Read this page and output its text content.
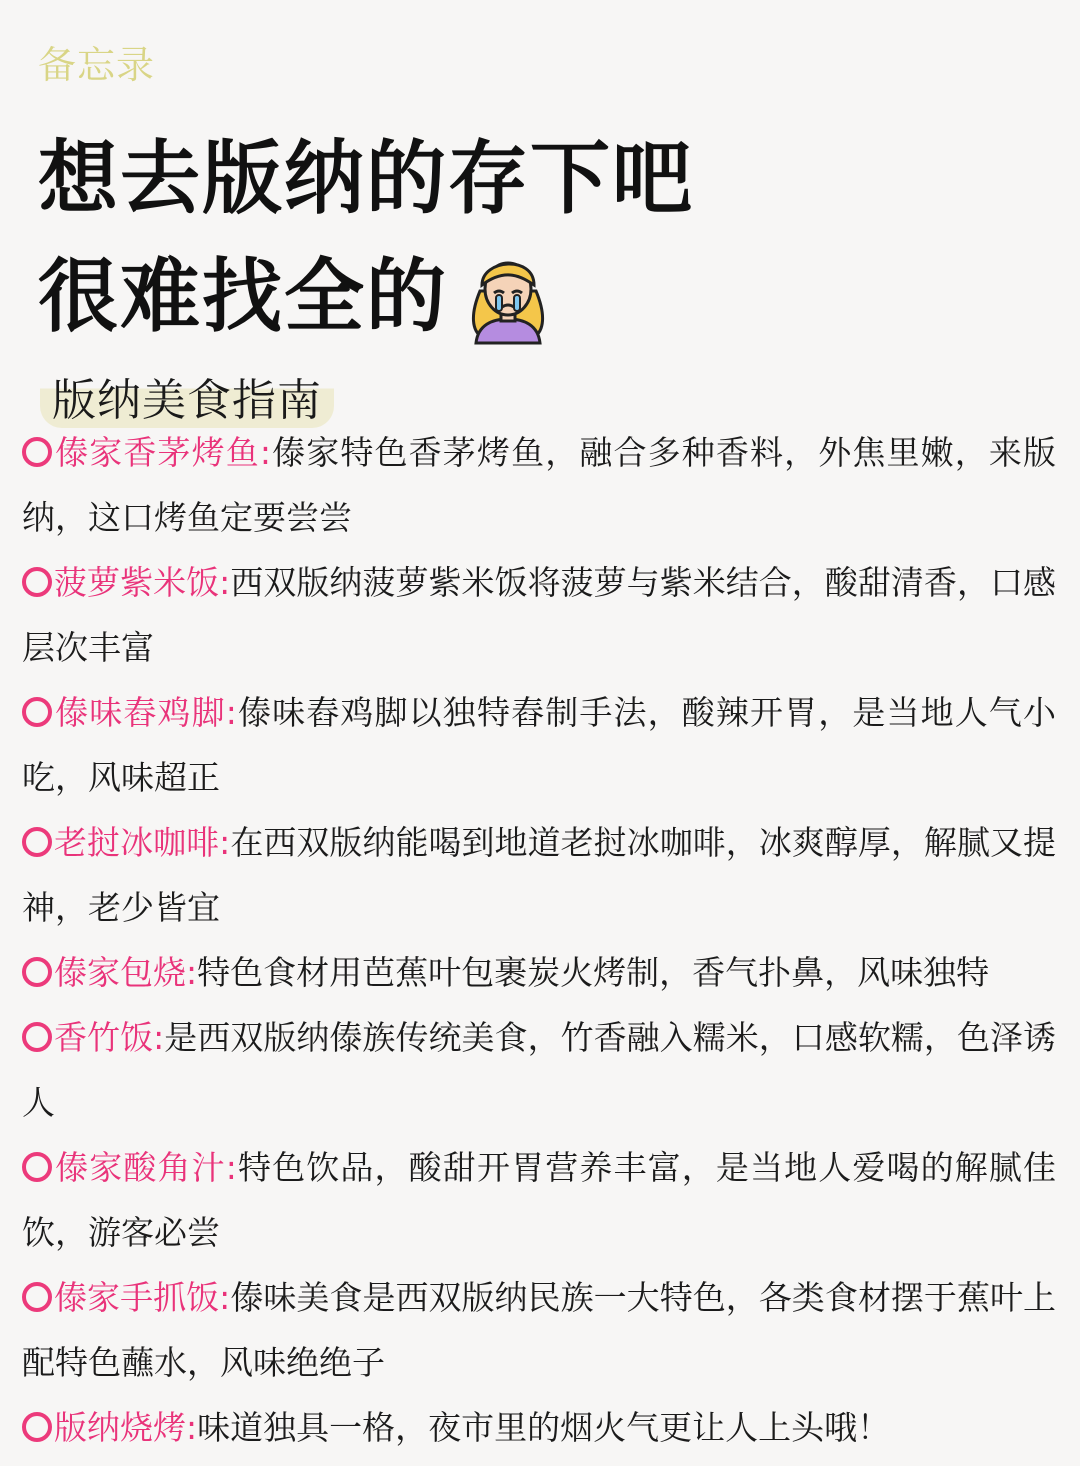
备忘录
想去版纳的存下吧
很难找全的
版纳美食指南
傣家香茅烤鱼:傣家特色香茅烤鱼，融合多种香料，外焦里嫩，来版纳，这口烤鱼定要尝尝
菠萝紫米饭:西双版纳菠萝紫米饭将菠萝与紫米结合，酸甜清香，口感层次丰富
傣味舂鸡脚:傣味舂鸡脚以独特舂制手法，酸辣开胃，是当地人气小吃，风味超正
老挝冰咖啡:在西双版纳能喝到地道老挝冰咖啡，冰爽醇厚，解腻又提神，老少皆宜
傣家包烧:特色食材用芭蕉叶包裹炭火烤制，香气扑鼻，风味独特
香竹饭:是西双版纳傣族传统美食，竹香融入糯米，口感软糯，色泽诱人
傣家酸角汁:特色饮品，酸甜开胃营养丰富，是当地人爱喝的解腻佳饮，游客必尝
傣家手抓饭:傣味美食是西双版纳民族一大特色，各类食材摆于蕉叶上配特色蘸水，风味绝绝子
版纳烧烤:味道独具一格，夜市里的烟火气更让人上头哦！
